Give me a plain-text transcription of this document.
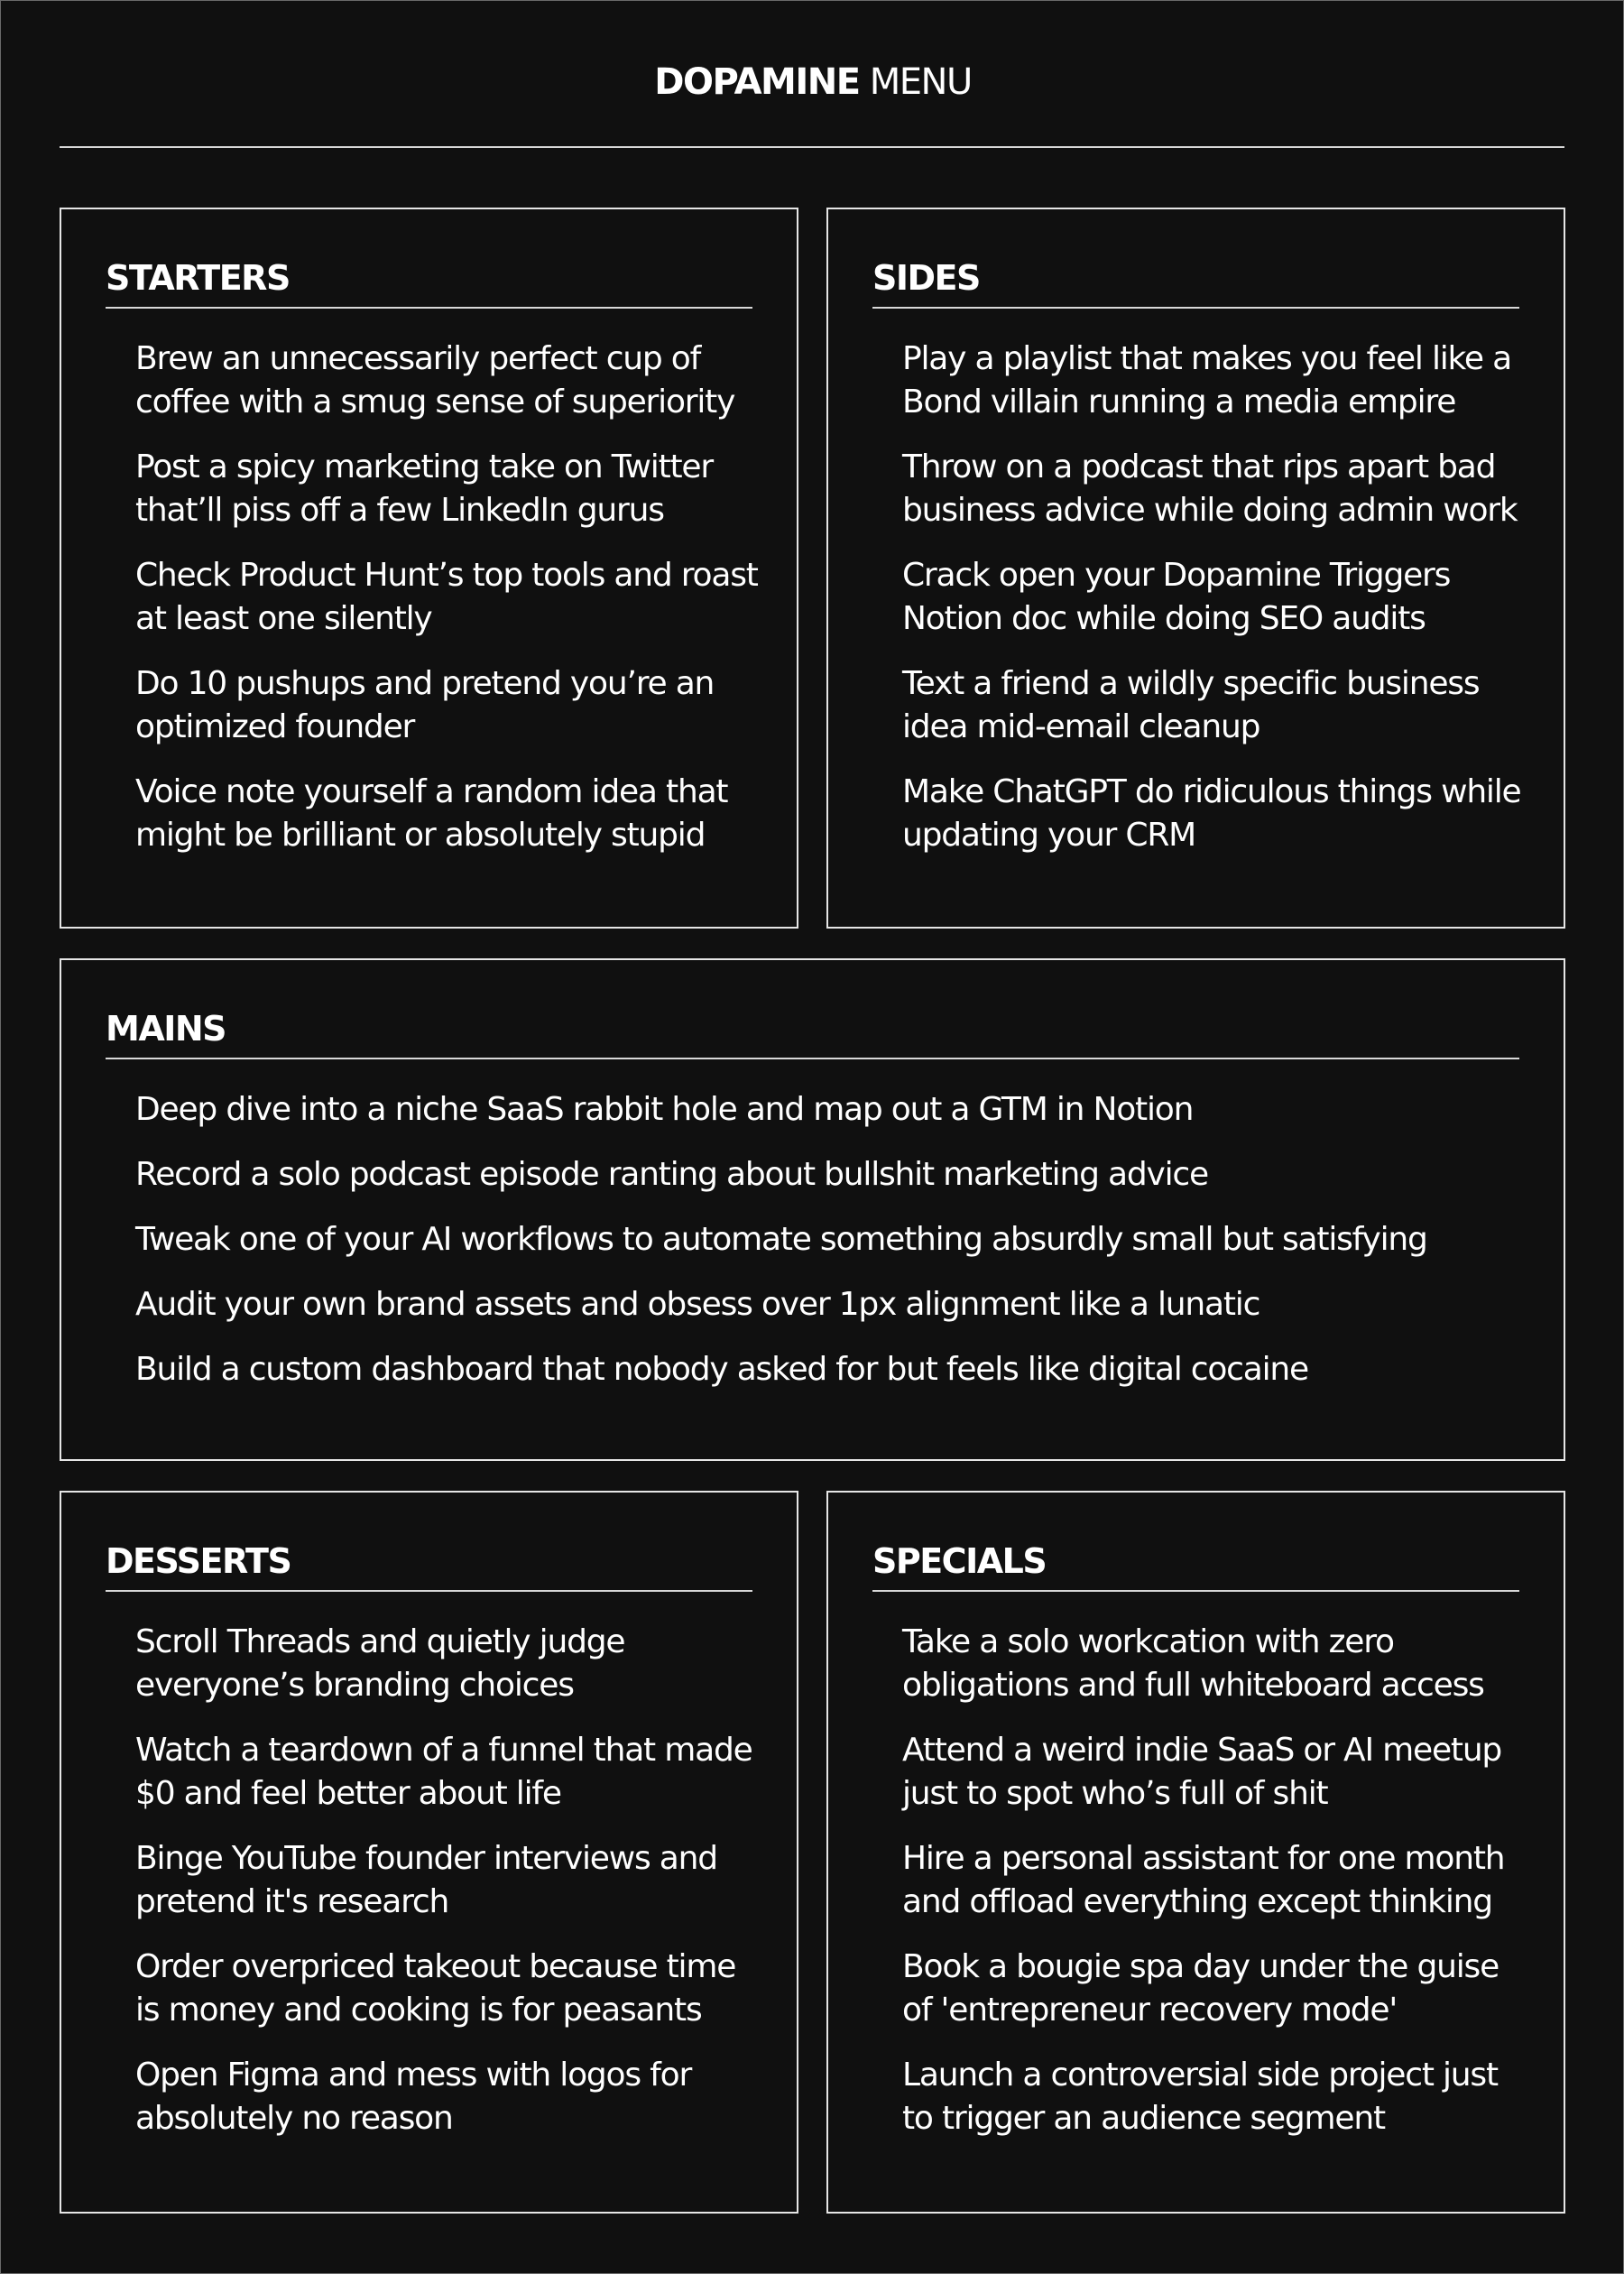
DOPAMINE MENU
STARTERS
Brew an unnecessarily perfect cup of coffee with a smug sense of superiority
Post a spicy marketing take on Twitter that’ll piss off a few LinkedIn gurus
Check Product Hunt’s top tools and roast at least one silently
Do 10 pushups and pretend you’re an optimized founder
Voice note yourself a random idea that might be brilliant or absolutely stupid
SIDES
Play a playlist that makes you feel like a Bond villain running a media empire
Throw on a podcast that rips apart bad business advice while doing admin work
Crack open your Dopamine Triggers Notion doc while doing SEO audits
Text a friend a wildly specific business idea mid-email cleanup
Make ChatGPT do ridiculous things while updating your CRM
MAINS
Deep dive into a niche SaaS rabbit hole and map out a GTM in Notion
Record a solo podcast episode ranting about bullshit marketing advice
Tweak one of your AI workflows to automate something absurdly small but satisfying
Audit your own brand assets and obsess over 1px alignment like a lunatic
Build a custom dashboard that nobody asked for but feels like digital cocaine
DESSERTS
Scroll Threads and quietly judge everyone’s branding choices
Watch a teardown of a funnel that made $0 and feel better about life
Binge YouTube founder interviews and pretend it's research
Order overpriced takeout because time is money and cooking is for peasants
Open Figma and mess with logos for absolutely no reason
SPECIALS
Take a solo workcation with zero obligations and full whiteboard access
Attend a weird indie SaaS or AI meetup just to spot who’s full of shit
Hire a personal assistant for one month and offload everything except thinking
Book a bougie spa day under the guise of 'entrepreneur recovery mode'
Launch a controversial side project just to trigger an audience segment
